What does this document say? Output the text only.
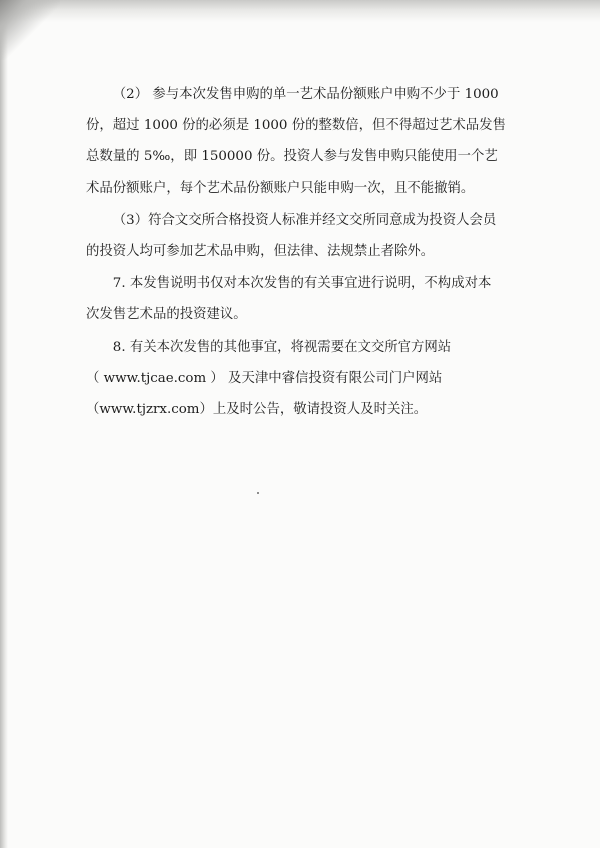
（2） 参与本次发售申购的单一艺术品份额账户申购不少于 1000
份，超过 1000 份的必须是 1000 份的整数倍，但不得超过艺术品发售
总数量的 5‰，即 150000 份。投资人参与发售申购只能使用一个艺
术品份额账户，每个艺术品份额账户只能申购一次，且不能撤销。
（3）符合文交所合格投资人标准并经文交所同意成为投资人会员
的投资人均可参加艺术品申购，但法律、法规禁止者除外。
7. 本发售说明书仅对本次发售的有关事宜进行说明，不构成对本
次发售艺术品的投资建议。
8. 有关本次发售的其他事宜，将视需要在文交所官方网站
（ www.tjcae.com ） 及天津中睿信投资有限公司门户网站
（www.tjzrx.com）上及时公告，敬请投资人及时关注。
